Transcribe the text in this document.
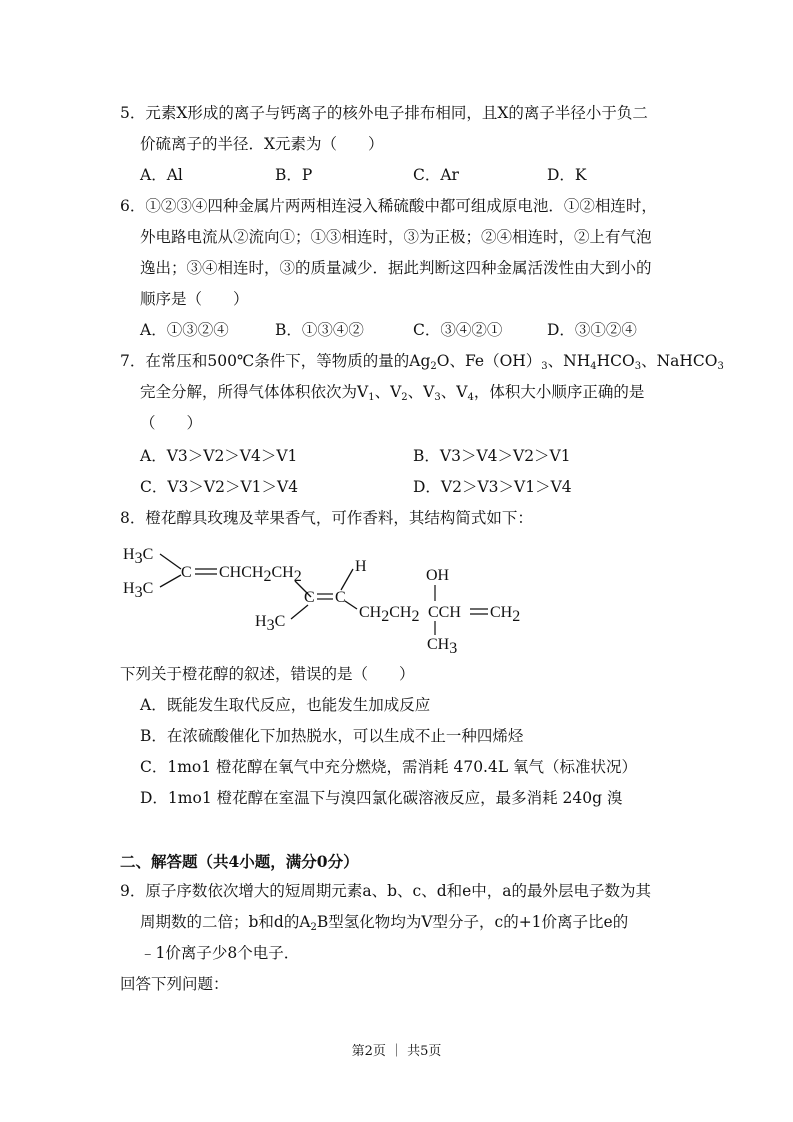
5．元素X形成的离子与钙离子的核外电子排布相同，且X的离子半径小于负二
价硫离子的半径．X元素为（　　）
A．Al	B．P	C．Ar	D．K
6．①②③④四种金属片两两相连浸入稀硫酸中都可组成原电池．①②相连时，
外电路电流从②流向①；①③相连时，③为正极；②④相连时，②上有气泡
逸出；③④相连时，③的质量减少．据此判断这四种金属活泼性由大到小的
顺序是（　　）
A．①③②④	B．①③④②	C．③④②①	D．③①②④
7．在常压和500℃条件下，等物质的量的$Ag_2O$、$Fe(OH)_3$、$NH_4HCO_3$、NaHCO$_3$
完全分解，所得气体体积依次为$V_1$、$V_2$、$V_3$、$V_4$，体积大小顺序正确的是
（　　）
A．V3＞V2＞V4＞V1	B．V3＞V4＞V2＞V1
C．V3＞V2＞V1＞V4	D．V2＞V3＞V1＞V4
8．橙花醇具玫瑰及苹果香气，可作香料，其结构简式如下：
H3C
H3C
C CHCH2CH2
H
C C
H3C
CH2CH2
OH
CCH CH2
CH3
下列关于橙花醇的叙述，错误的是（　　）
A．既能发生取代反应，也能发生加成反应
B．在浓硫酸催化下加热脱水，可以生成不止一种四烯烃
C．1mo1 橙花醇在氧气中充分燃烧，需消耗 470.4L 氧气（标准状况）
D．1mo1 橙花醇在室温下与溴四氯化碳溶液反应，最多消耗 240g 溴
二、解答题（共4小题，满分0分）
9．原子序数依次增大的短周期元素a、b、c、d和e中，a的最外层电子数为其
周期数的二倍；b和d的$A_2B$型氢化物均为V型分子，c的+1价离子比e的
﹣1价离子少8个电子．
回答下列问题：
第2页 ｜ 共5页
